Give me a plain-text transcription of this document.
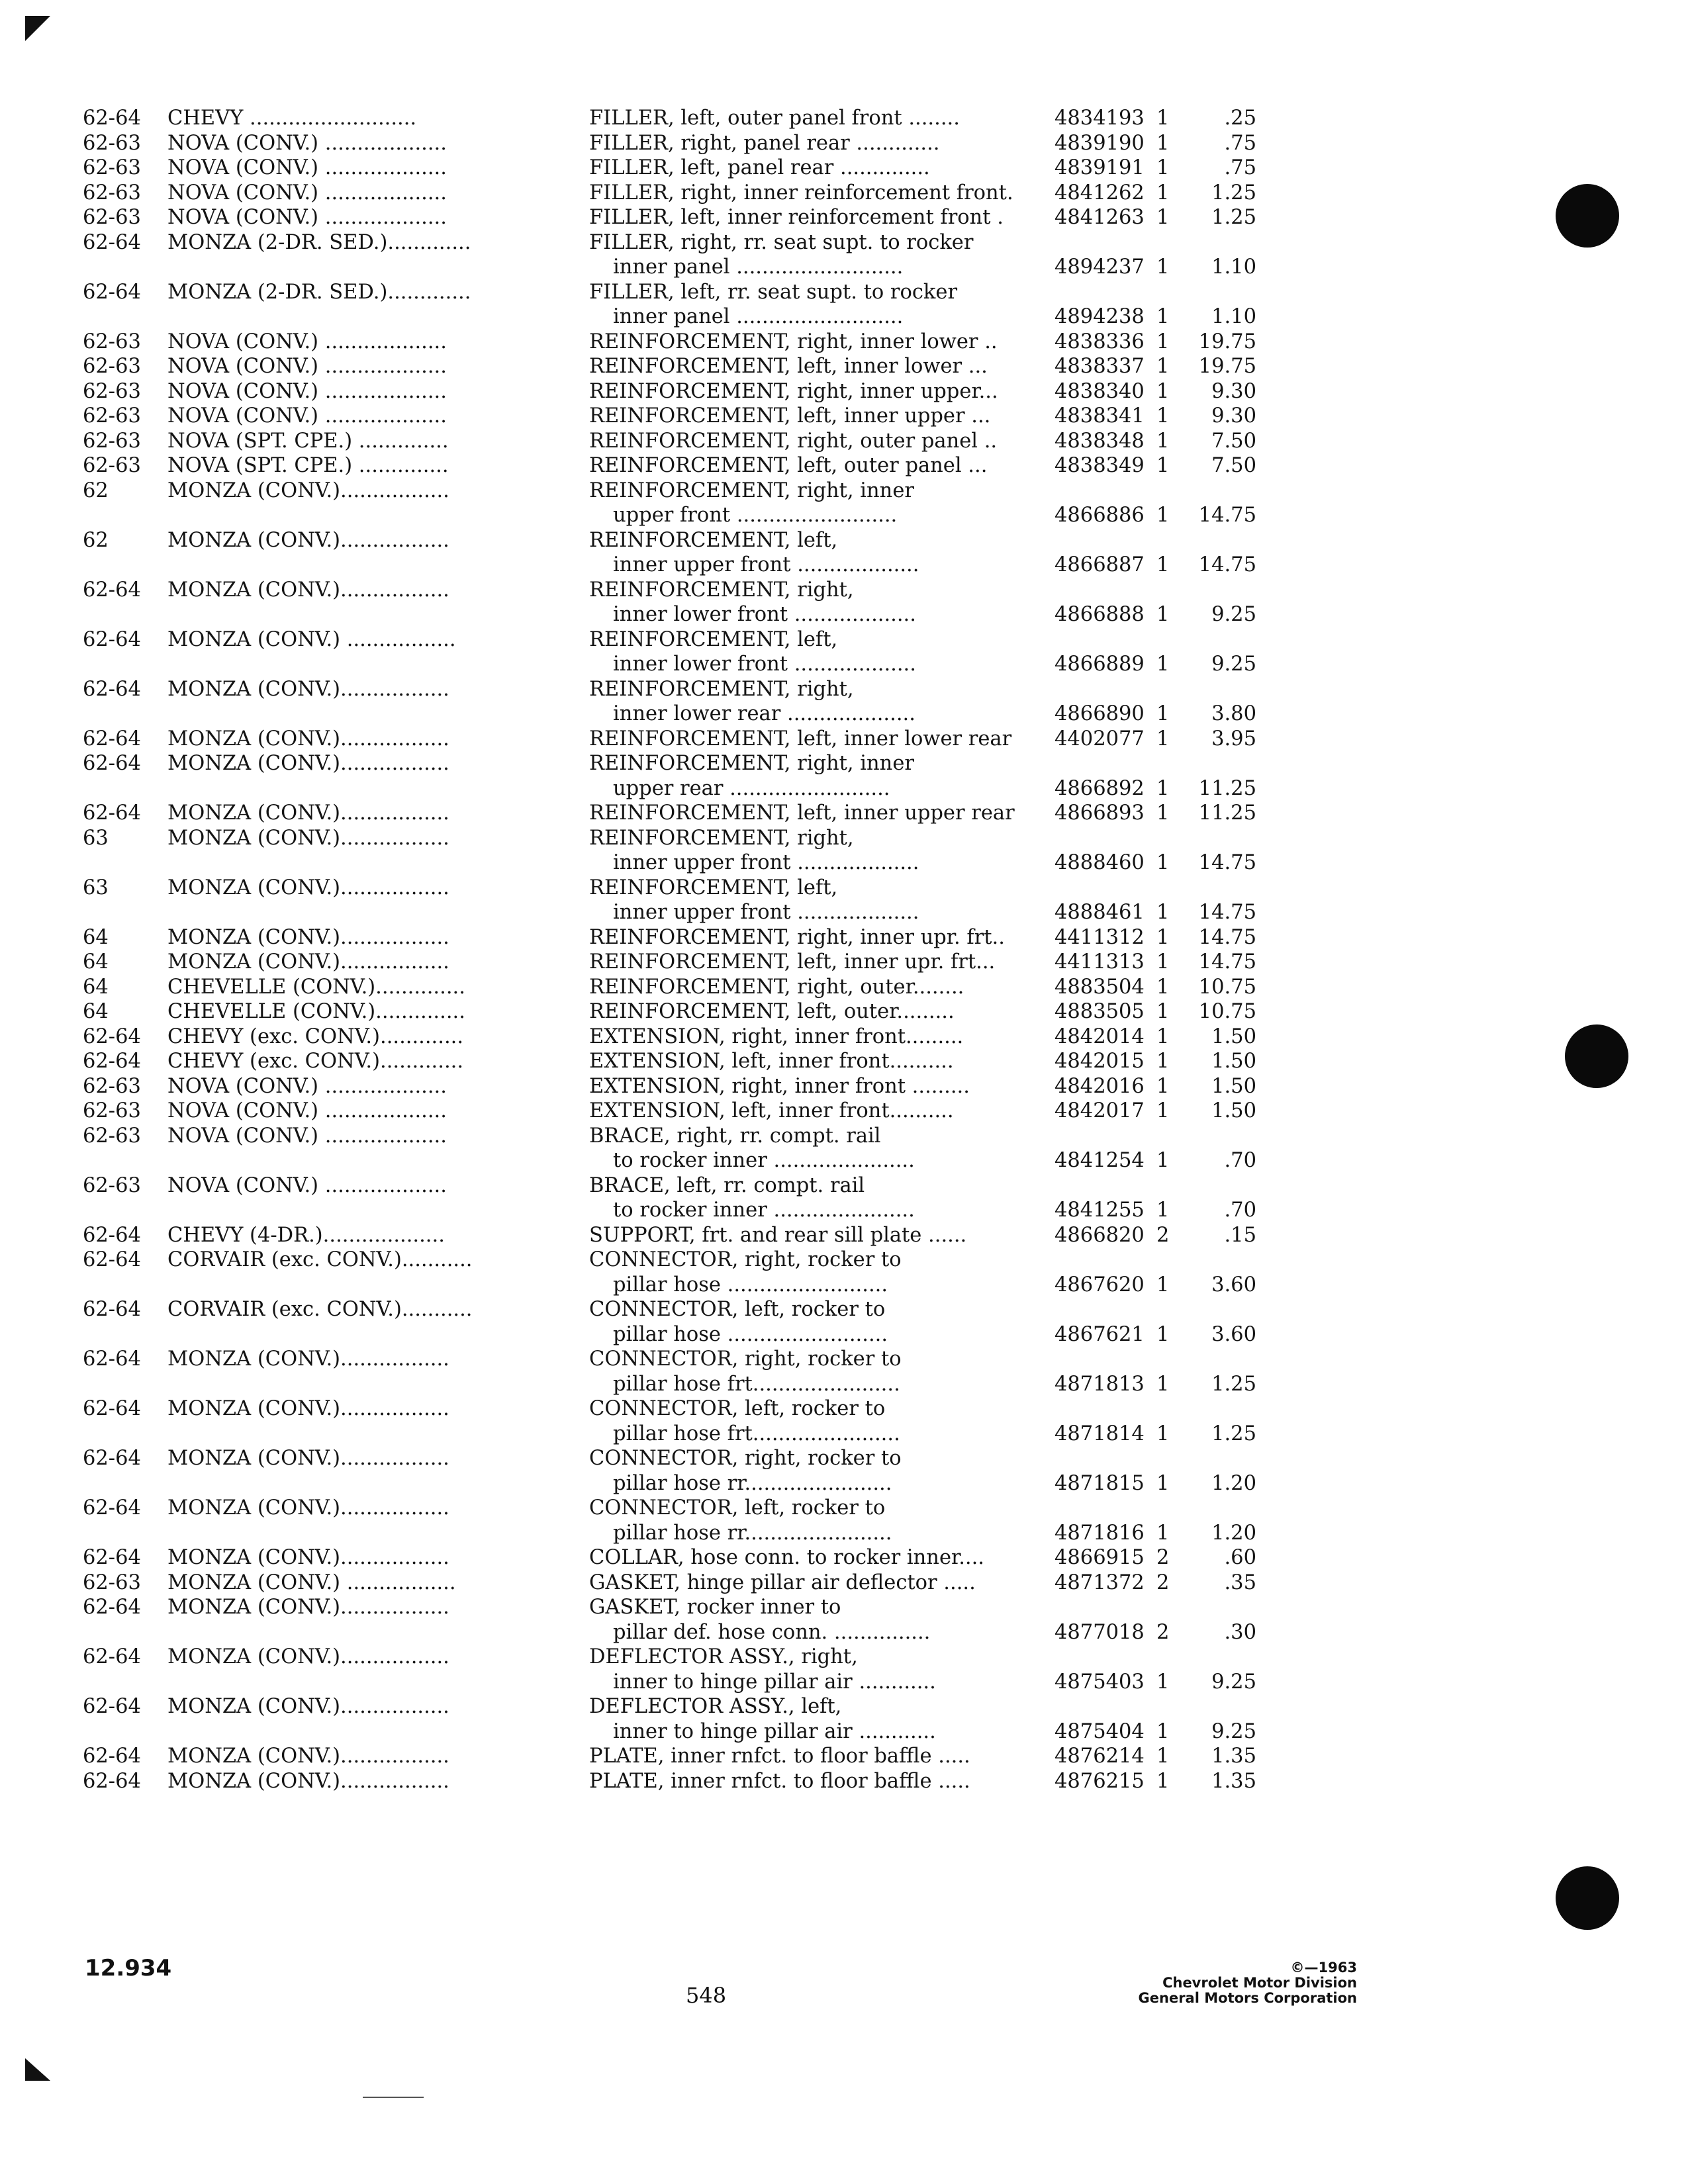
62-64 CHEVY ..........................	FILLER, left, outer panel front ........	4834193 1	.25
62-63 NOVA (CONV.) ...................	FILLER, right, panel rear .............	4839190 1	.75
62-63 NOVA (CONV.) ...................	FILLER, left, panel rear ..............	4839191 1	.75
62-63 NOVA (CONV.) ...................	FILLER, right, inner reinforcement front.	4841262 1	1.25
62-63 NOVA (CONV.) ...................	FILLER, left, inner reinforcement front .	4841263 1	1.25
62-64 MONZA (2-DR. SED.).............	FILLER, right, rr. seat supt. to rocker
inner panel ..........................	4894237 1	1.10
62-64 MONZA (2-DR. SED.).............	FILLER, left, rr. seat supt. to rocker
inner panel ..........................	4894238 1	1.10
62-63 NOVA (CONV.) ...................	REINFORCEMENT, right, inner lower ..	4838336 1	19.75
62-63 NOVA (CONV.) ...................	REINFORCEMENT, left, inner lower ...	4838337 1	19.75
62-63 NOVA (CONV.) ...................	REINFORCEMENT, right, inner upper...	4838340 1	9.30
62-63 NOVA (CONV.) ...................	REINFORCEMENT, left, inner upper ...	4838341 1	9.30
62-63 NOVA (SPT. CPE.) ..............	REINFORCEMENT, right, outer panel ..	4838348 1	7.50
62-63 NOVA (SPT. CPE.) ..............	REINFORCEMENT, left, outer panel ...	4838349 1	7.50
62	MONZA (CONV.).................	REINFORCEMENT, right, inner
upper front .........................	4866886 1	14.75
62	MONZA (CONV.).................	REINFORCEMENT, left,
inner upper front ...................	4866887 1	14.75
62-64 MONZA (CONV.).................	REINFORCEMENT, right,
inner lower front ...................	4866888 1	9.25
62-64 MONZA (CONV.) .................	REINFORCEMENT, left,
inner lower front ...................	4866889 1	9.25
62-64 MONZA (CONV.).................	REINFORCEMENT, right,
inner lower rear ....................	4866890 1	3.80
62-64 MONZA (CONV.).................	REINFORCEMENT, left, inner lower rear	4402077 1	3.95
62-64 MONZA (CONV.).................	REINFORCEMENT, right, inner
upper rear .........................	4866892 1	11.25
62-64 MONZA (CONV.).................	REINFORCEMENT, left, inner upper rear	4866893 1	11.25
63	MONZA (CONV.).................	REINFORCEMENT, right,
inner upper front ...................	4888460 1	14.75
63	MONZA (CONV.).................	REINFORCEMENT, left,
inner upper front ...................	4888461 1	14.75
64	MONZA (CONV.).................	REINFORCEMENT, right, inner upr. frt..	4411312 1	14.75
64	MONZA (CONV.).................	REINFORCEMENT, left, inner upr. frt...	4411313 1	14.75
64	CHEVELLE (CONV.)..............	REINFORCEMENT, right, outer........	4883504 1	10.75
64	CHEVELLE (CONV.)..............	REINFORCEMENT, left, outer.........	4883505 1	10.75
62-64 CHEVY (exc. CONV.).............	EXTENSION, right, inner front.........	4842014 1	1.50
62-64 CHEVY (exc. CONV.).............	EXTENSION, left, inner front..........	4842015 1	1.50
62-63 NOVA (CONV.) ...................	EXTENSION, right, inner front .........	4842016 1	1.50
62-63 NOVA (CONV.) ...................	EXTENSION, left, inner front..........	4842017 1	1.50
62-63 NOVA (CONV.) ...................	BRACE, right, rr. compt. rail
to rocker inner ......................	4841254 1	.70
62-63 NOVA (CONV.) ...................	BRACE, left, rr. compt. rail
to rocker inner ......................	4841255 1	.70
62-64 CHEVY (4-DR.)...................	SUPPORT, frt. and rear sill plate ......	4866820 2	.15
62-64 CORVAIR (exc. CONV.)...........	CONNECTOR, right, rocker to
pillar hose .........................	4867620 1	3.60
62-64 CORVAIR (exc. CONV.)...........	CONNECTOR, left, rocker to
pillar hose .........................	4867621 1	3.60
62-64 MONZA (CONV.).................	CONNECTOR, right, rocker to
pillar hose frt.......................	4871813 1	1.25
62-64 MONZA (CONV.).................	CONNECTOR, left, rocker to
pillar hose frt.......................	4871814 1	1.25
62-64 MONZA (CONV.).................	CONNECTOR, right, rocker to
pillar hose rr.......................	4871815 1	1.20
62-64 MONZA (CONV.).................	CONNECTOR, left, rocker to
pillar hose rr.......................	4871816 1	1.20
62-64 MONZA (CONV.).................	COLLAR, hose conn. to rocker inner....	4866915 2	.60
62-63 MONZA (CONV.) .................	GASKET, hinge pillar air deflector .....	4871372 2	.35
62-64 MONZA (CONV.).................	GASKET, rocker inner to
pillar def. hose conn. ...............	4877018 2	.30
62-64 MONZA (CONV.).................	DEFLECTOR ASSY., right,
inner to hinge pillar air ............	4875403 1	9.25
62-64 MONZA (CONV.).................	DEFLECTOR ASSY., left,
inner to hinge pillar air ............	4875404 1	9.25
62-64 MONZA (CONV.).................	PLATE, inner rnfct. to floor baffle .....	4876214 1	1.35
62-64 MONZA (CONV.).................	PLATE, inner rnfct. to floor baffle .....	4876215 1	1.35
12.934
548
©—1963
Chevrolet Motor Division
General Motors Corporation
